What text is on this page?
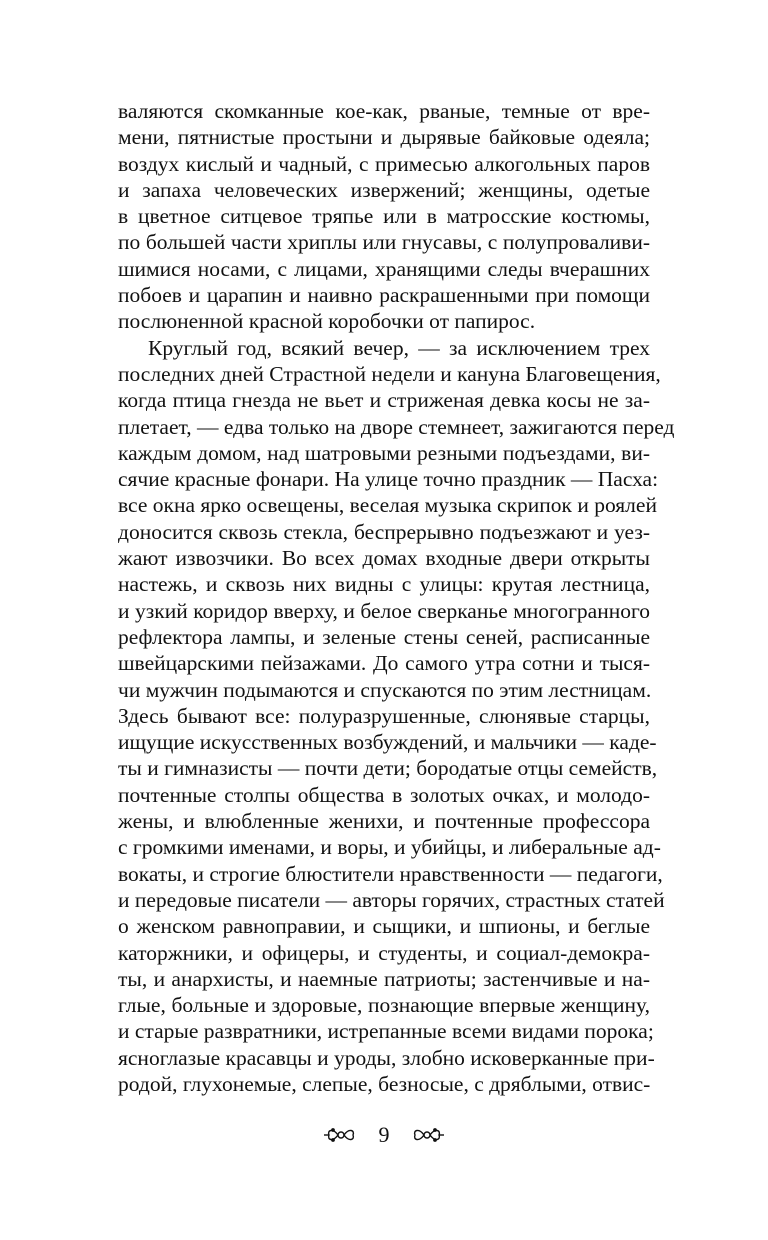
валяются скомканные кое-как, рваные, темные от вре-
мени, пятнистые простыни и дырявые байковые одеяла;
воздух кислый и чадный, с примесью алкогольных паров
и запаха человеческих извержений; женщины, одетые
в цветное ситцевое тряпье или в матросские костюмы,
по большей части хриплы или гнусавы, с полупроваливи-
шимися носами, с лицами, хранящими следы вчерашних
побоев и царапин и наивно раскрашенными при помощи
послюненной красной коробочки от папирос.
Круглый год, всякий вечер, — за исключением трех
последних дней Страстной недели и кануна Благовещения,
когда птица гнезда не вьет и стриженая девка косы не за-
плетает, — едва только на дворе стемнеет, зажигаются перед
каждым домом, над шатровыми резными подъездами, ви-
сячие красные фонари. На улице точно праздник — Пасха:
все окна ярко освещены, веселая музыка скрипок и роялей
доносится сквозь стекла, беспрерывно подъезжают и уез-
жают извозчики. Во всех домах входные двери открыты
настежь, и сквозь них видны с улицы: крутая лестница,
и узкий коридор вверху, и белое сверканье многогранного
рефлектора лампы, и зеленые стены сеней, расписанные
швейцарскими пейзажами. До самого утра сотни и тыся-
чи мужчин подымаются и спускаются по этим лестницам.
Здесь бывают все: полуразрушенные, слюнявые старцы,
ищущие искусственных возбуждений, и мальчики — каде-
ты и гимназисты — почти дети; бородатые отцы семейств,
почтенные столпы общества в золотых очках, и молодо-
жены, и влюбленные женихи, и почтенные профессора
с громкими именами, и воры, и убийцы, и либеральные ад-
вокаты, и строгие блюстители нравственности — педагоги,
и передовые писатели — авторы горячих, страстных статей
о женском равноправии, и сыщики, и шпионы, и беглые
каторжники, и офицеры, и студенты, и социал-демокра-
ты, и анархисты, и наемные патриоты; застенчивые и на-
глые, больные и здоровые, познающие впервые женщину,
и старые развратники, истрепанные всеми видами порока;
ясноглазые красавцы и уроды, злобно исковерканные при-
родой, глухонемые, слепые, безносые, с дряблыми, отвис-
9
